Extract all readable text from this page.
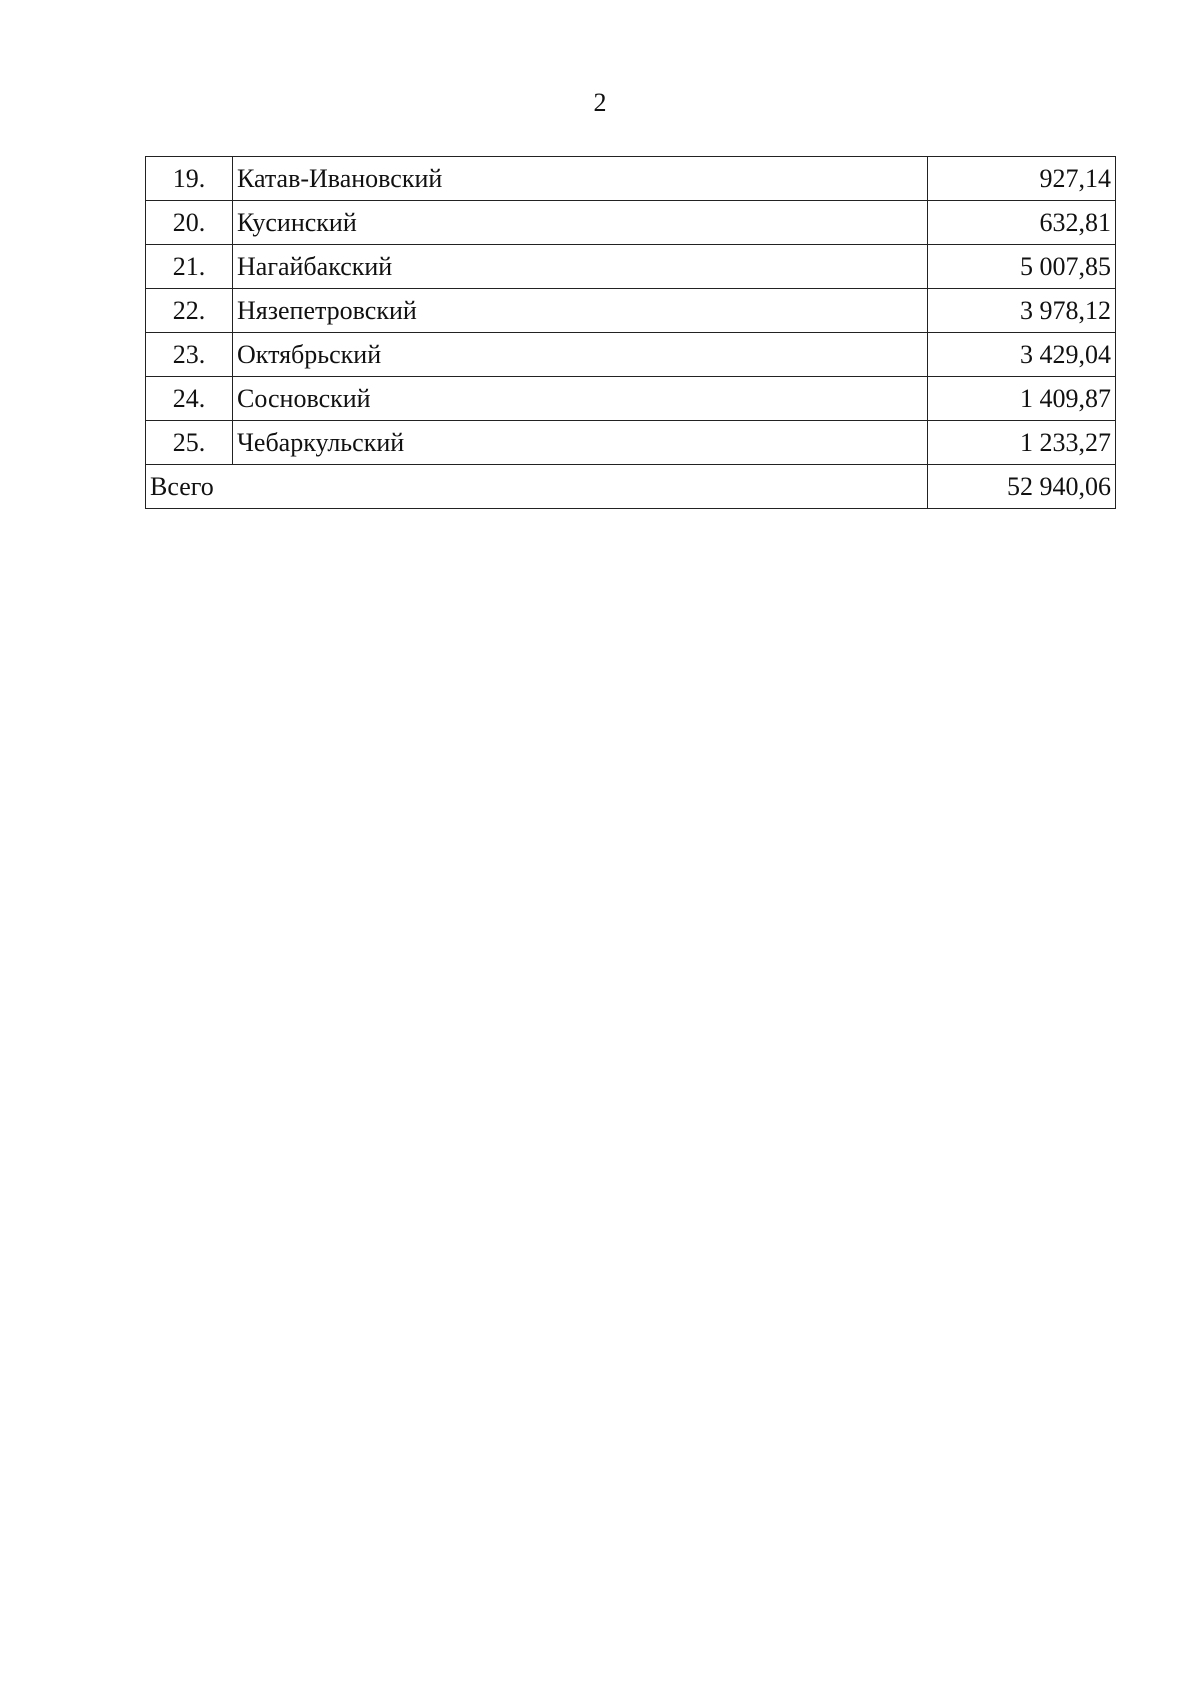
2
19.	Катав-Ивановский	927,14
20.	Кусинский	632,81
21.	Нагайбакский	5 007,85
22.	Нязепетровский	3 978,12
23.	Октябрьский	3 429,04
24.	Сосновский	1 409,87
25.	Чебаркульский	1 233,27
Всего		52 940,06
